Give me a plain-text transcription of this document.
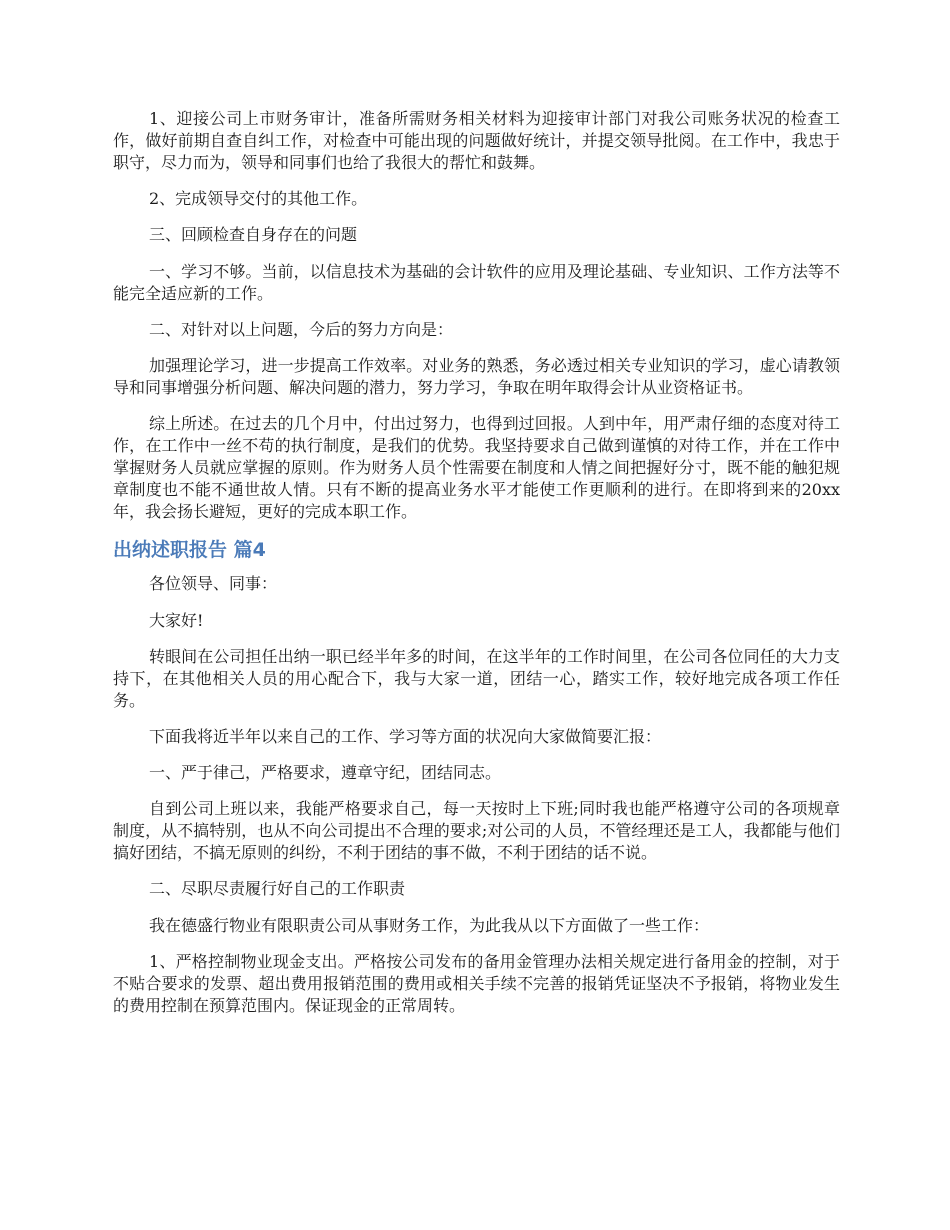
1、迎接公司上市财务审计，准备所需财务相关材料为迎接审计部门对我公司账务状况的检查工作，做好前期自查自纠工作，对检查中可能出现的问题做好统计，并提交领导批阅。在工作中，我忠于职守，尽力而为，领导和同事们也给了我很大的帮忙和鼓舞。

2、完成领导交付的其他工作。

三、回顾检查自身存在的问题

一、学习不够。当前，以信息技术为基础的会计软件的应用及理论基础、专业知识、工作方法等不能完全适应新的工作。

二、对针对以上问题，今后的努力方向是：

加强理论学习，进一步提高工作效率。对业务的熟悉，务必透过相关专业知识的学习，虚心请教领导和同事增强分析问题、解决问题的潜力，努力学习，争取在明年取得会计从业资格证书。

综上所述。在过去的几个月中，付出过努力，也得到过回报。人到中年，用严肃仔细的态度对待工作，在工作中一丝不苟的执行制度，是我们的优势。我坚持要求自己做到谨慎的对待工作，并在工作中掌握财务人员就应掌握的原则。作为财务人员个性需要在制度和人情之间把握好分寸，既不能的触犯规章制度也不能不通世故人情。只有不断的提高业务水平才能使工作更顺利的进行。在即将到来的20xx年，我会扬长避短，更好的完成本职工作。

出纳述职报告 篇4

各位领导、同事：

大家好!

转眼间在公司担任出纳一职已经半年多的时间，在这半年的工作时间里，在公司各位同任的大力支持下，在其他相关人员的用心配合下，我与大家一道，团结一心，踏实工作，较好地完成各项工作任务。

下面我将近半年以来自己的工作、学习等方面的状况向大家做简要汇报：

一、严于律己，严格要求，遵章守纪，团结同志。

自到公司上班以来，我能严格要求自己，每一天按时上下班;同时我也能严格遵守公司的各项规章制度，从不搞特别，也从不向公司提出不合理的要求;对公司的人员，不管经理还是工人，我都能与他们搞好团结，不搞无原则的纠纷，不利于团结的事不做，不利于团结的话不说。

二、尽职尽责履行好自己的工作职责

我在德盛行物业有限职责公司从事财务工作，为此我从以下方面做了一些工作：

1、严格控制物业现金支出。严格按公司发布的备用金管理办法相关规定进行备用金的控制，对于不贴合要求的发票、超出费用报销范围的费用或相关手续不完善的报销凭证坚决不予报销，将物业发生的费用控制在预算范围内。保证现金的正常周转。
